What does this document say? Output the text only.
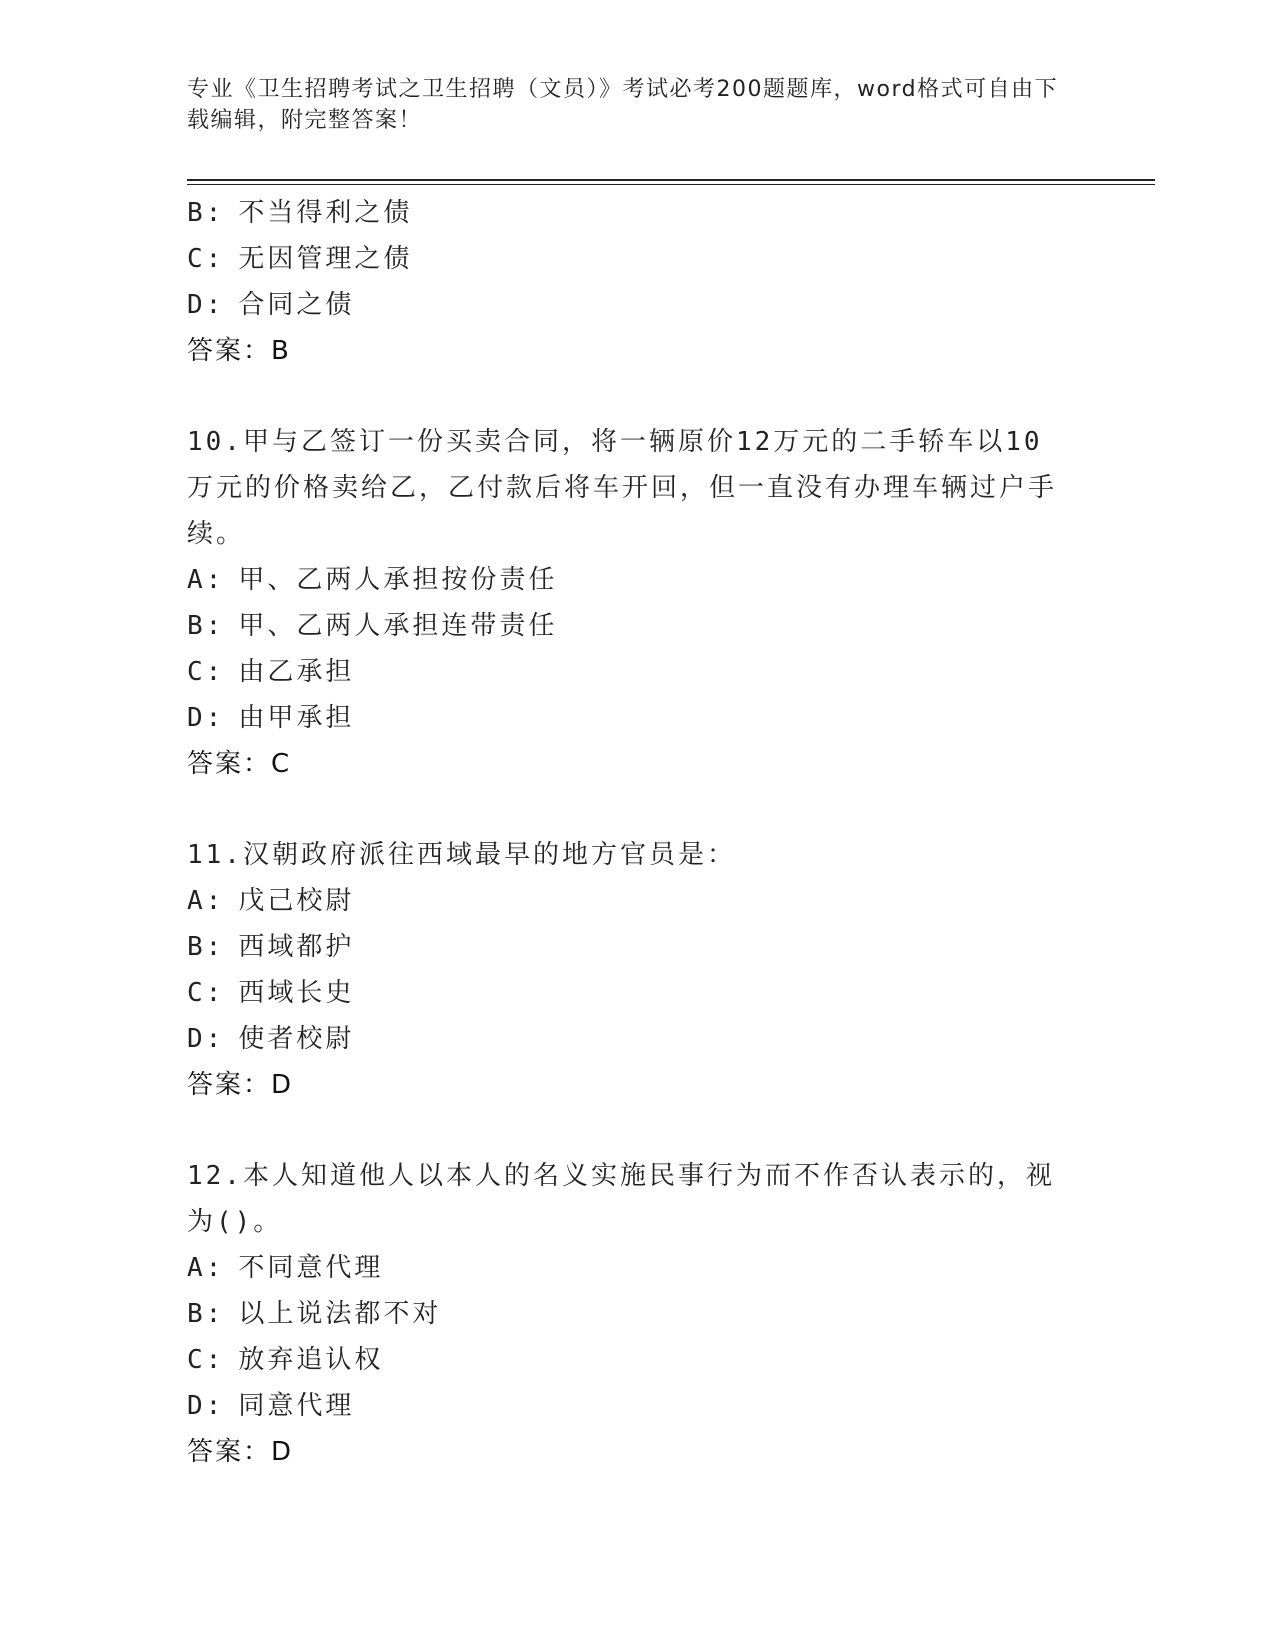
专业《卫生招聘考试之卫生招聘（文员）》考试必考200题题库，word格式可自由下载编辑，附完整答案！
B: 不当得利之债
C: 无因管理之债
D: 合同之债
答案：B
10.甲与乙签订一份买卖合同，将一辆原价12万元的二手轿车以10万元的价格卖给乙，乙付款后将车开回，但一直没有办理车辆过户手续。
A: 甲、乙两人承担按份责任
B: 甲、乙两人承担连带责任
C: 由乙承担
D: 由甲承担
答案：C
11.汉朝政府派往西域最早的地方官员是：
A: 戊己校尉
B: 西域都护
C: 西域长史
D: 使者校尉
答案：D
12.本人知道他人以本人的名义实施民事行为而不作否认表示的，视为()。
A: 不同意代理
B: 以上说法都不对
C: 放弃追认权
D: 同意代理
答案：D
